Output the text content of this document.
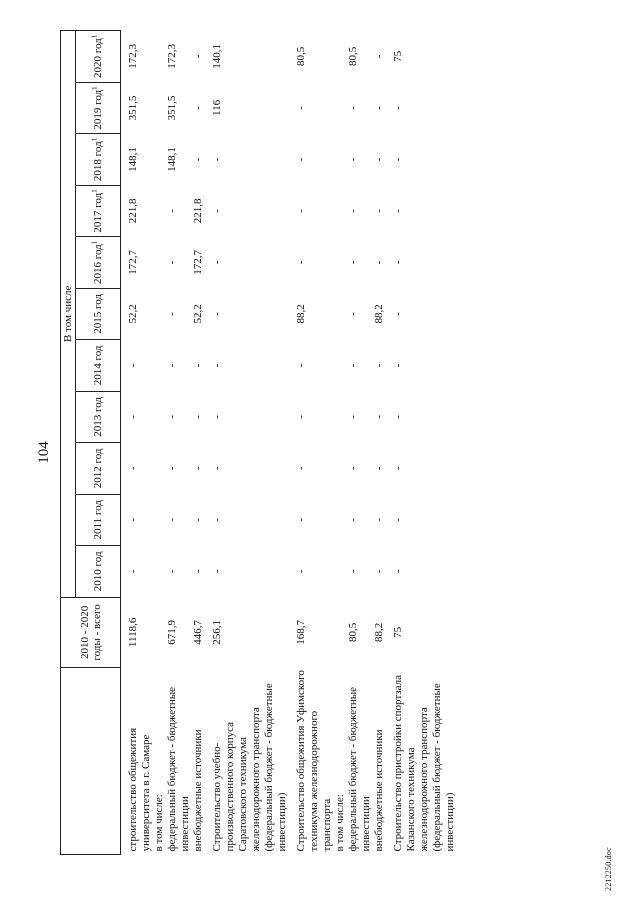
104
	2010 - 2020 годы - всего	В том числе										
		2010 год	2011 год	2012 год	2013 год	2014 год	2015 год	2016 год$^1$	2017 год$^1$	2018 год$^1$	2019 год$^1$	2020 год$^1$
строительство общежития университета в г. Самаре	1118,6	-	-	-	-	-	52,2	172,7	221,8	148,1	351,5	172,3
в том числе:												
федеральный бюджет - бюджетные инвестиции	671,9	-	-	-	-	-	-	-	-	148,1	351,5	172,3
внебюджетные источники	446,7	-	-	-	-	-	52,2	172,7	221,8	-	-	-
Строительство учебно-производственного корпуса Саратовского техникума железнодорожного транспорта (федеральный бюджет - бюджетные инвестиции)	256,1	-	-	-	-	-	-	-	-	-	116	140,1
Строительство общежития Уфимского техникума железнодорожного транспорта	168,7	-	-	-	-	-	88,2	-	-	-	-	80,5
в том числе:												
федеральный бюджет - бюджетные инвестиции	80,5	-	-	-	-	-	-	-	-	-	-	80,5
внебюджетные источники	88,2	-	-	-	-	-	88,2	-	-	-	-	-
Строительство пристройки спортзала Казанского техникума железнодорожного транспорта (федеральный бюджет - бюджетные инвестиции)	75	-	-	-	-	-	-	-	-	-	-	75
2212250.doc
